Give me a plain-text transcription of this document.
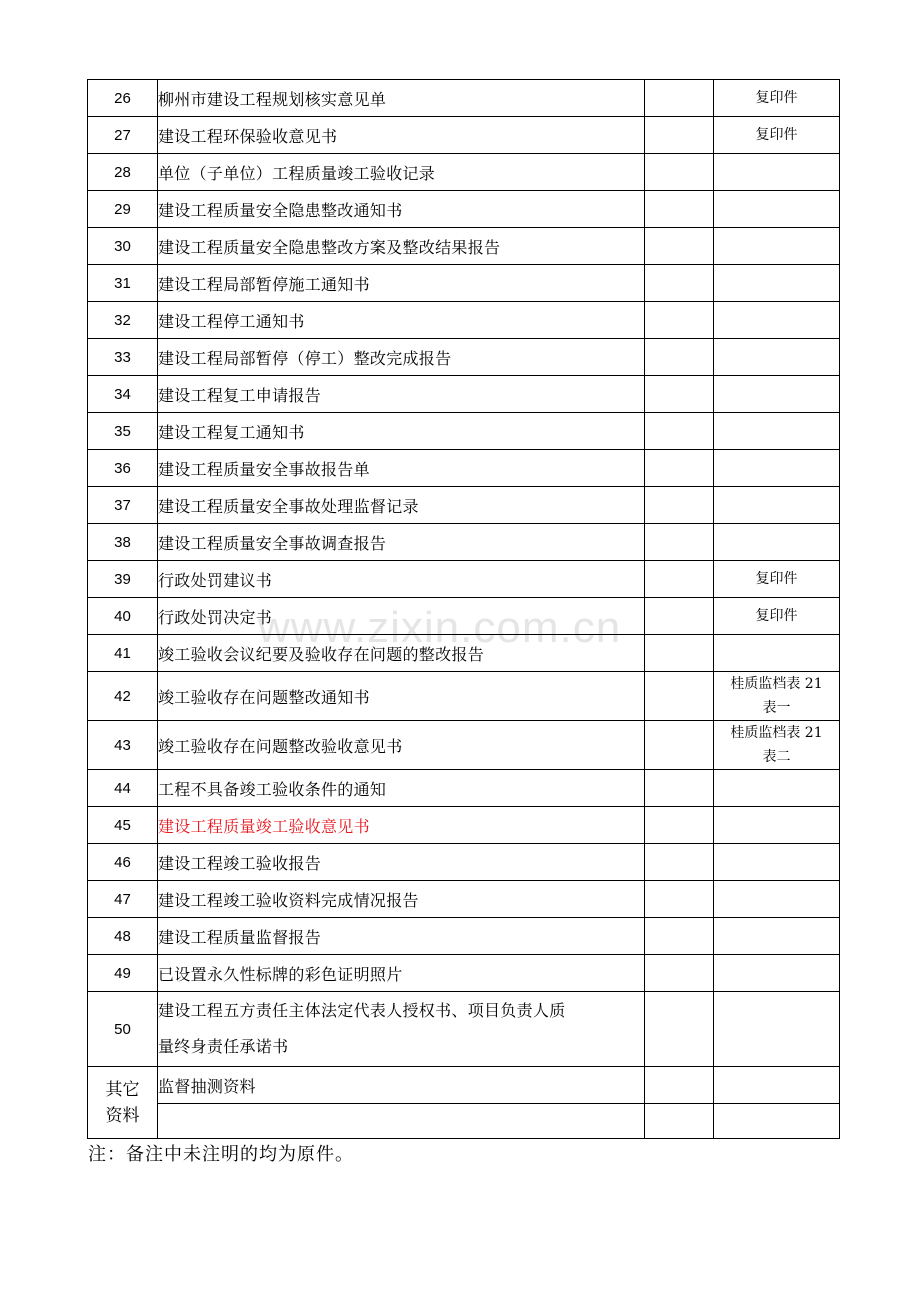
www.zixin.com.cn
26	柳州市建设工程规划核实意见单		复印件
27	建设工程环保验收意见书		复印件
28	单位（子单位）工程质量竣工验收记录		
29	建设工程质量安全隐患整改通知书		
30	建设工程质量安全隐患整改方案及整改结果报告		
31	建设工程局部暂停施工通知书		
32	建设工程停工通知书		
33	建设工程局部暂停（停工）整改完成报告		
34	建设工程复工申请报告		
35	建设工程复工通知书		
36	建设工程质量安全事故报告单		
37	建设工程质量安全事故处理监督记录		
38	建设工程质量安全事故调查报告		
39	行政处罚建议书		复印件
40	行政处罚决定书		复印件
41	竣工验收会议纪要及验收存在问题的整改报告		
42	竣工验收存在问题整改通知书		桂质监档表 21
表一

43	竣工验收存在问题整改验收意见书		桂质监档表 21
表二

44	工程不具备竣工验收条件的通知		
45	建设工程质量竣工验收意见书		
46	建设工程竣工验收报告		
47	建设工程竣工验收资料完成情况报告		
48	建设工程质量监督报告		
49	已设置永久性标牌的彩色证明照片		
50	建设工程五方责任主体法定代表人授权书、项目负责人质
量终身责任承诺书		

其它
资料	监督抽测资料		

注：备注中未注明的均为原件。
